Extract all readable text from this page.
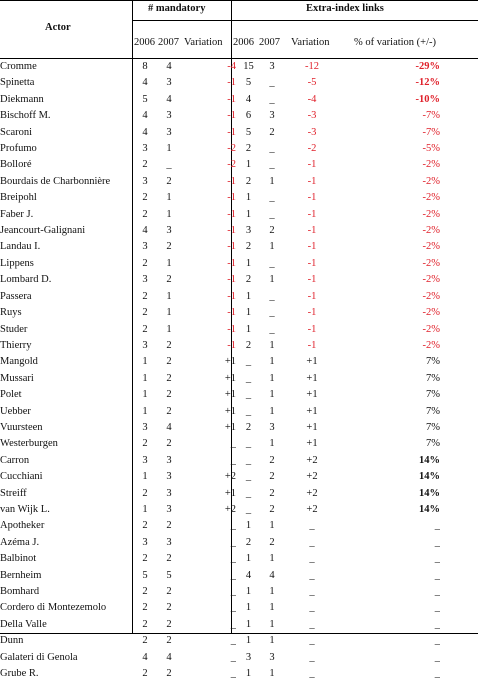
Actor
# mandatory	Extra-index links
2006 2007 Variation 2006 2007 Variation % of variation (+/-)
Cromme	8	4	-4	15	3	-12	-29%
Spinetta	4	3	-1	5	_	-5	-12%
Diekmann	5	4	-1	4	_	-4	-10%
Bischoff M.	4	3	-1	6	3	-3	-7%
Scaroni	4	3	-1	5	2	-3	-7%
Profumo	3	1	-2	2	_	-2	-5%
Bolloré	2	_	-2	1	_	-1	-2%
Bourdais de Charbonnière	3	2	-1	2	1	-1	-2%
Breipohl	2	1	-1	1	_	-1	-2%
Faber J.	2	1	-1	1	_	-1	-2%
Jeancourt-Galignani	4	3	-1	3	2	-1	-2%
Landau I.	3	2	-1	2	1	-1	-2%
Lippens	2	1	-1	1	_	-1	-2%
Lombard D.	3	2	-1	2	1	-1	-2%
Passera	2	1	-1	1	_	-1	-2%
Ruys	2	1	-1	1	_	-1	-2%
Studer	2	1	-1	1	_	-1	-2%
Thierry	3	2	-1	2	1	-1	-2%
Mangold	1	2	+1	_	1	+1	7%
Mussari	1	2	+1	_	1	+1	7%
Polet	1	2	+1	_	1	+1	7%
Uebber	1	2	+1	_	1	+1	7%
Vuursteen	3	4	+1	2	3	+1	7%
Westerburgen	2	2	_	_	1	+1	7%
Carron	3	3	_	_	2	+2	14%
Cucchiani	1	3	+2	_	2	+2	14%
Streiff	2	3	+1	_	2	+2	14%
van Wijk L.	1	3	+2	_	2	+2	14%
Apotheker	2	2	_	1	1	_	_
Azéma J.	3	3	_	2	2	_	_
Balbinot	2	2	_	1	1	_	_
Bernheim	5	5	_	4	4	_	_
Bomhard	2	2	_	1	1	_	_
Cordero di Montezemolo	2	2	_	1	1	_	_
Della Valle	2	2	_	1	1	_	_
Dunn	2	2	_	1	1	_	_
Galateri di Genola	4	4	_	3	3	_	_
Grube R.	2	2	_	1	1	_	_
